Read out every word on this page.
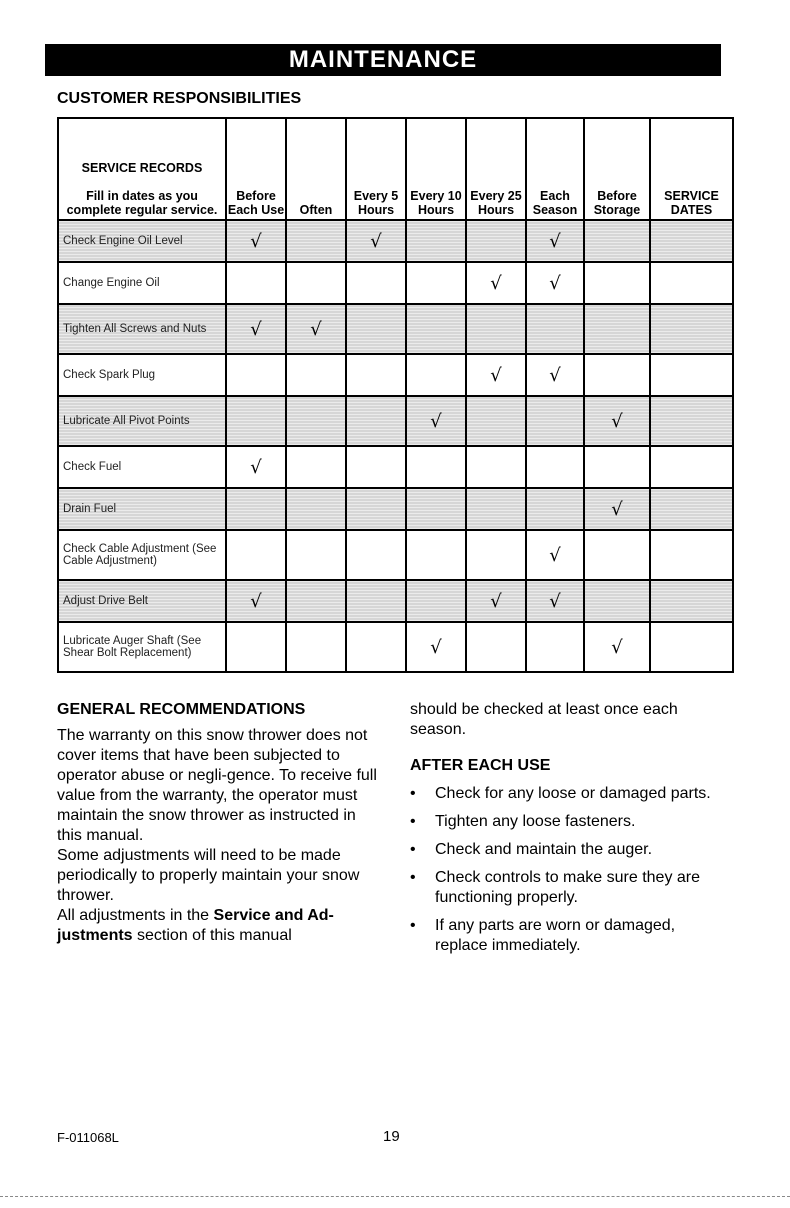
MAINTENANCE
CUSTOMER RESPONSIBILITIES
SERVICE RECORDS
Fill in dates as you complete regular service.	Before Each Use	Often	Every 5 Hours	Every 10 Hours	Every 25 Hours	Each Season	Before Storage	SERVICE DATES
Check Engine Oil Level	√		√			√		
Change Engine Oil					√	√		
Tighten All Screws and Nuts	√	√						
Check Spark Plug					√	√		
Lubricate All Pivot Points				√			√	
Check Fuel	√							
Drain Fuel							√	
Check Cable Adjustment (See Cable Adjustment)						√		
Adjust Drive Belt	√				√	√		
Lubricate Auger Shaft (See Shear Bolt Replacement)				√			√	
GENERAL RECOMMENDATIONS

The warranty on this snow thrower does not cover items that have been subjected to operator abuse or negli-gence. To receive full value from the warranty, the operator must maintain the snow thrower as instructed in this manual.

Some adjustments will need to be made periodically to properly maintain your snow thrower.

All adjustments in the Service and Ad-justments section of this manual

should be checked at least once each season.

AFTER EACH USE
• Check for any loose or damaged parts.
• Tighten any loose fasteners.
• Check and maintain the auger.
• Check controls to make sure they are functioning properly.
• If any parts are worn or damaged, replace immediately.
F-011068L	19
